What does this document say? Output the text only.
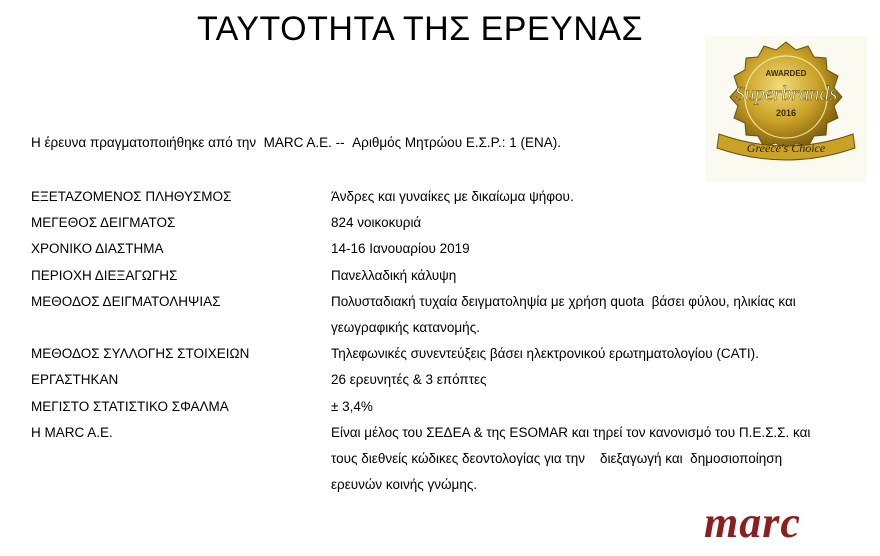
ΤΑΥΤΟΤΗΤΑ ΤΗΣ ΕΡΕΥΝΑΣ
AWARDED
Superbrands
2016
Greece's Choice
Η έρευνα πραγματοποιήθηκε από την  MARC A.E. --  Αριθμός Μητρώου Ε.Σ.Ρ.: 1 (ΕΝΑ).
ΕΞΕΤΑΖΟΜΕΝΟΣ ΠΛΗΘΥΣΜΟΣ	Άνδρες και γυναίκες με δικαίωμα ψήφου.
ΜΕΓΕΘΟΣ ΔΕΙΓΜΑΤΟΣ	824 νοικοκυριά
ΧΡΟΝΙΚΟ ΔΙΑΣΤΗΜΑ	14-16 Ιανουαρίου 2019
ΠΕΡΙΟΧΗ ΔΙΕΞΑΓΩΓΗΣ	Πανελλαδική κάλυψη
ΜΕΘΟΔΟΣ ΔΕΙΓΜΑΤΟΛΗΨΙΑΣ	Πολυσταδιακή τυχαία δειγματοληψία με χρήση quota  βάσει φύλου, ηλικίας και
γεωγραφικής κατανομής.
ΜΕΘΟΔΟΣ ΣΥΛΛΟΓΗΣ ΣΤΟΙΧΕΙΩΝ	Τηλεφωνικές συνεντεύξεις βάσει ηλεκτρονικού ερωτηματολογίου (CATI).
ΕΡΓΑΣΤΗΚΑΝ	26 ερευνητές & 3 επόπτες
ΜΕΓΙΣΤΟ ΣΤΑΤΙΣΤΙΚΟ ΣΦΑΛΜΑ	± 3,4%
Η MARC A.E.	Είναι μέλος του ΣΕΔΕΑ & της ESOMAR και τηρεί τον κανονισμό του Π.Ε.Σ.Σ. και
τους διεθνείς κώδικες δεοντολογίας για την    διεξαγωγή και  δημοσιοποίηση
ερευνών κοινής γνώμης.
marc
